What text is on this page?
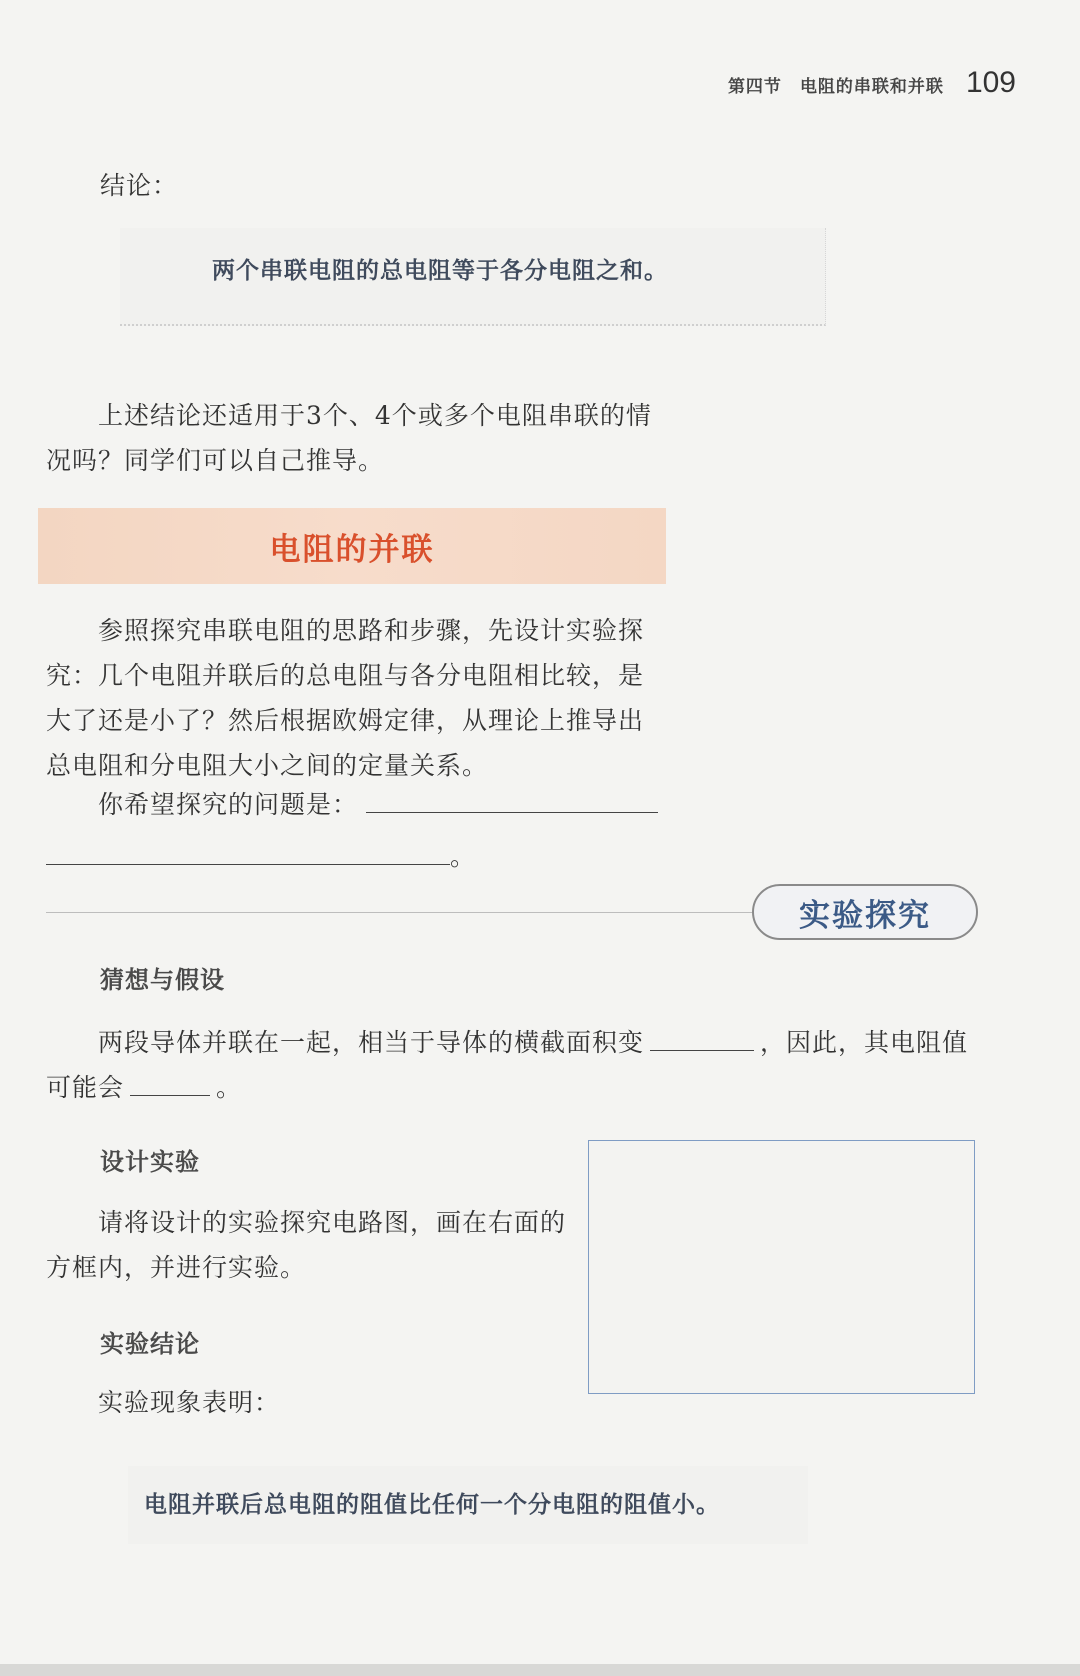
第四节 电阻的串联和并联 109
结论：
两个串联电阻的总电阻等于各分电阻之和。
上述结论还适用于3个、4个或多个电阻串联的情况吗？同学们可以自己推导。
电阻的并联
参照探究串联电阻的思路和步骤，先设计实验探究：几个电阻并联后的总电阻与各分电阻相比较，是大了还是小了？然后根据欧姆定律，从理论上推导出总电阻和分电阻大小之间的定量关系。
你希望探究的问题是：
。
实验探究
猜想与假设
两段导体并联在一起，相当于导体的横截面积变	，因此，其电阻值可能会	。
设计实验
请将设计的实验探究电路图，画在右面的方框内，并进行实验。
实验结论
实验现象表明：
电阻并联后总电阻的阻值比任何一个分电阻的阻值小。
